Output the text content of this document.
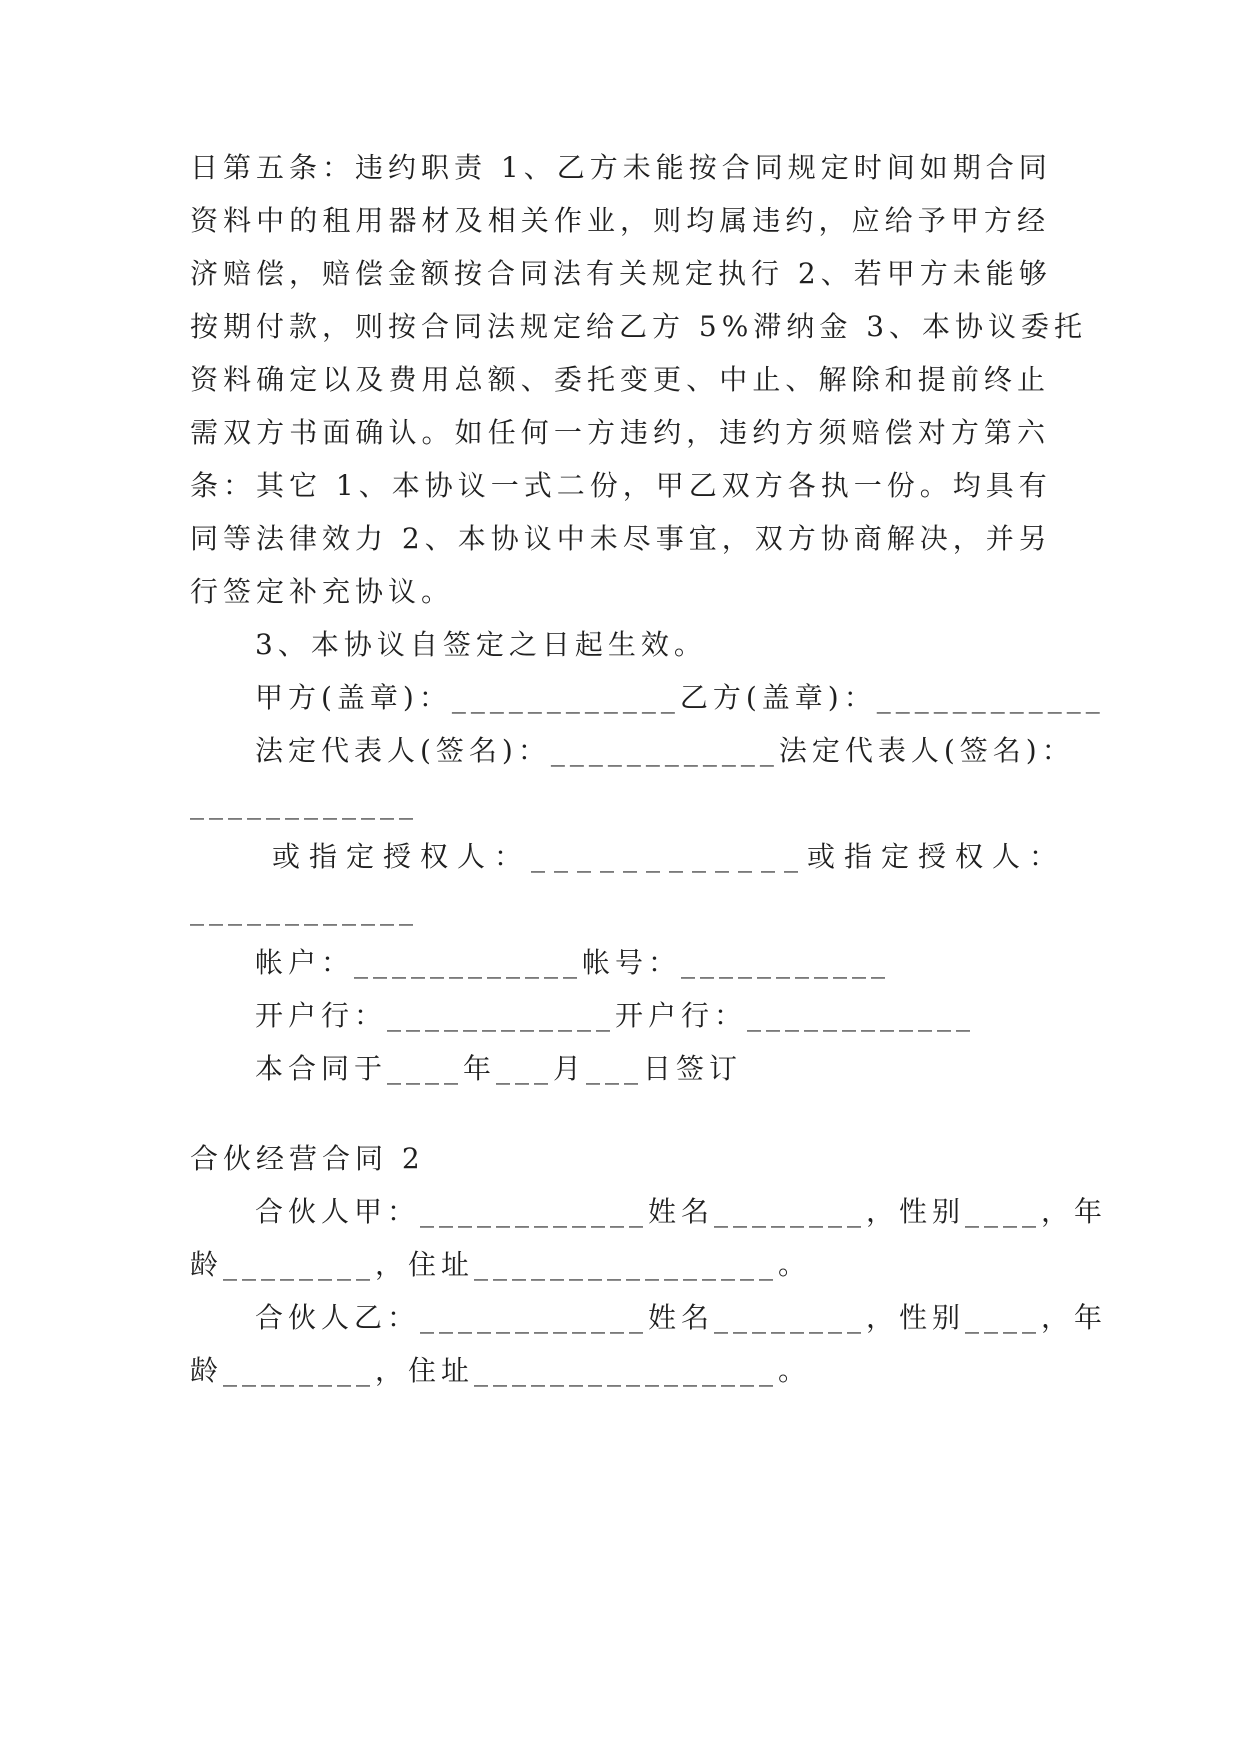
日第五条：违约职责 1、乙方未能按合同规定时间如期合同
资料中的租用器材及相关作业，则均属违约，应给予甲方经
济赔偿，赔偿金额按合同法有关规定执行 2、若甲方未能够
按期付款，则按合同法规定给乙方 5%滞纳金 3、本协议委托
资料确定以及费用总额、委托变更、中止、解除和提前终止
需双方书面确认。如任何一方违约，违约方须赔偿对方第六
条：其它 1、本协议一式二份，甲乙双方各执一份。均具有
同等法律效力 2、本协议中未尽事宜，双方协商解决，并另
行签定补充协议。
3、本协议自签定之日起生效。
甲方(盖章)：____________乙方(盖章)：____________
法定代表人(签名)：____________法定代表人(签名)：
____________
或指定授权人：____________或指定授权人：
____________
帐户：____________帐号：___________
开户行：____________开户行：____________
本合同于____年___月___日签订
合伙经营合同 2
合伙人甲：____________姓名________，性别____，年
龄________，住址________________。
合伙人乙：____________姓名________，性别____，年
龄________，住址________________。
